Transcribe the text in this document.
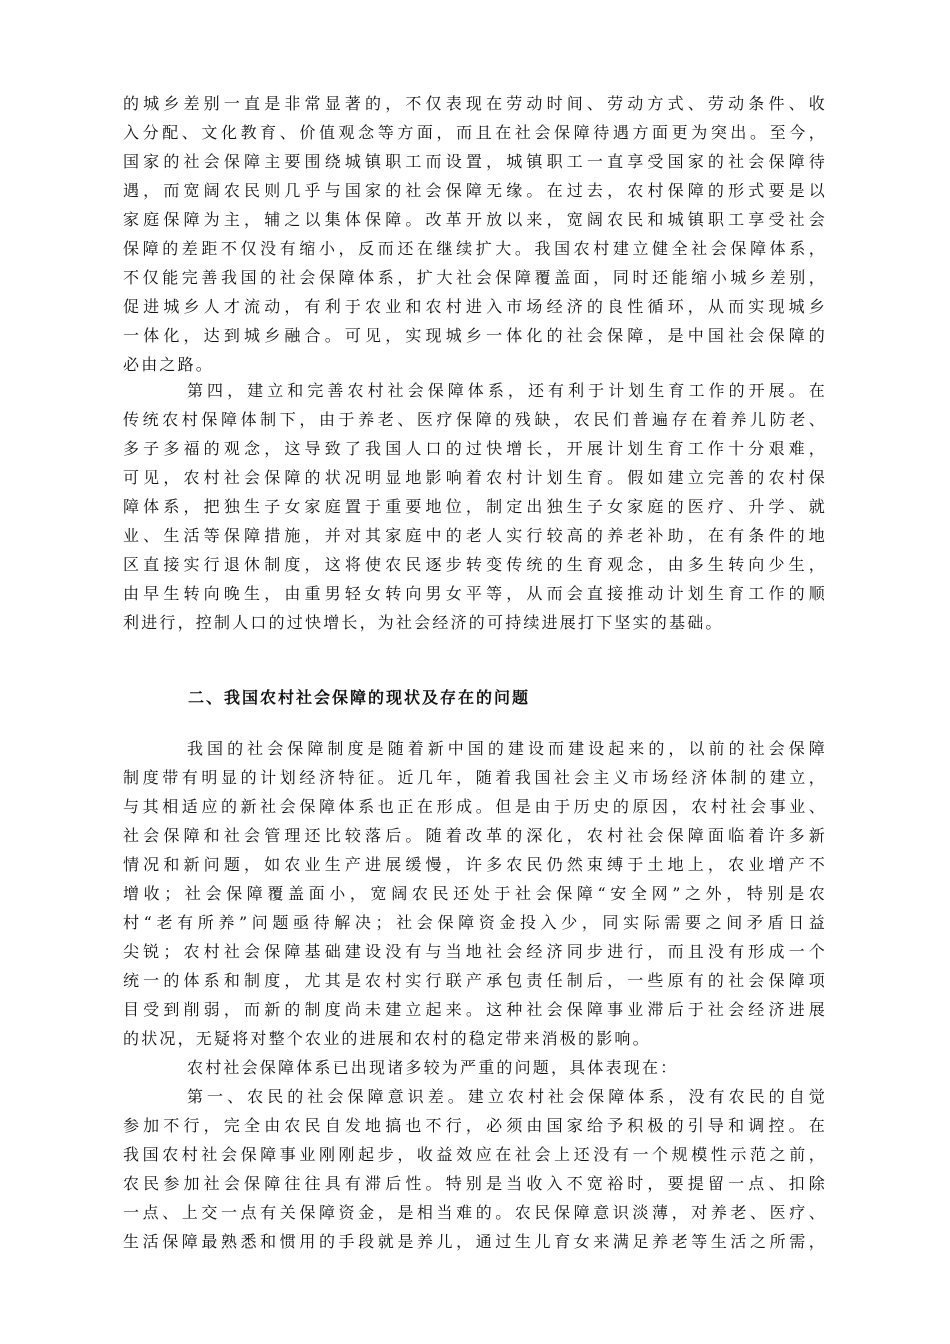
的城乡差别一直是非常显著的，不仅表现在劳动时间、劳动方式、劳动条件、收
入分配、文化教育、价值观念等方面，而且在社会保障待遇方面更为突出。至今，
国家的社会保障主要围绕城镇职工而设置，城镇职工一直享受国家的社会保障待
遇，而宽阔农民则几乎与国家的社会保障无缘。在过去，农村保障的形式要是以
家庭保障为主，辅之以集体保障。改革开放以来，宽阔农民和城镇职工享受社会
保障的差距不仅没有缩小，反而还在继续扩大。我国农村建立健全社会保障体系，
不仅能完善我国的社会保障体系，扩大社会保障覆盖面，同时还能缩小城乡差别，
促进城乡人才流动，有利于农业和农村进入市场经济的良性循环，从而实现城乡
一体化，达到城乡融合。可见，实现城乡一体化的社会保障，是中国社会保障的
必由之路。
第四，建立和完善农村社会保障体系，还有利于计划生育工作的开展。在
传统农村保障体制下，由于养老、医疗保障的残缺，农民们普遍存在着养儿防老、
多子多福的观念，这导致了我国人口的过快增长，开展计划生育工作十分艰难，
可见，农村社会保障的状况明显地影响着农村计划生育。假如建立完善的农村保
障体系，把独生子女家庭置于重要地位，制定出独生子女家庭的医疗、升学、就
业、生活等保障措施，并对其家庭中的老人实行较高的养老补助，在有条件的地
区直接实行退休制度，这将使农民逐步转变传统的生育观念，由多生转向少生，
由早生转向晚生，由重男轻女转向男女平等，从而会直接推动计划生育工作的顺
利进行，控制人口的过快增长，为社会经济的可持续进展打下坚实的基础。
二、我国农村社会保障的现状及存在的问题
我国的社会保障制度是随着新中国的建设而建设起来的，以前的社会保障
制度带有明显的计划经济特征。近几年，随着我国社会主义市场经济体制的建立，
与其相适应的新社会保障体系也正在形成。但是由于历史的原因，农村社会事业、
社会保障和社会管理还比较落后。随着改革的深化，农村社会保障面临着许多新
情况和新问题，如农业生产进展缓慢，许多农民仍然束缚于土地上，农业增产不
增收；社会保障覆盖面小，宽阔农民还处于社会保障“安全网”之外，特别是农
村“老有所养”问题亟待解决；社会保障资金投入少，同实际需要之间矛盾日益
尖锐；农村社会保障基础建设没有与当地社会经济同步进行，而且没有形成一个
统一的体系和制度，尤其是农村实行联产承包责任制后，一些原有的社会保障项
目受到削弱，而新的制度尚未建立起来。这种社会保障事业滞后于社会经济进展
的状况，无疑将对整个农业的进展和农村的稳定带来消极的影响。
农村社会保障体系已出现诸多较为严重的问题，具体表现在：
第一、农民的社会保障意识差。建立农村社会保障体系，没有农民的自觉
参加不行，完全由农民自发地搞也不行，必须由国家给予积极的引导和调控。在
我国农村社会保障事业刚刚起步，收益效应在社会上还没有一个规模性示范之前，
农民参加社会保障往往具有滞后性。特别是当收入不宽裕时，要提留一点、扣除
一点、上交一点有关保障资金，是相当难的。农民保障意识淡薄，对养老、医疗、
生活保障最熟悉和惯用的手段就是养儿，通过生儿育女来满足养老等生活之所需，
